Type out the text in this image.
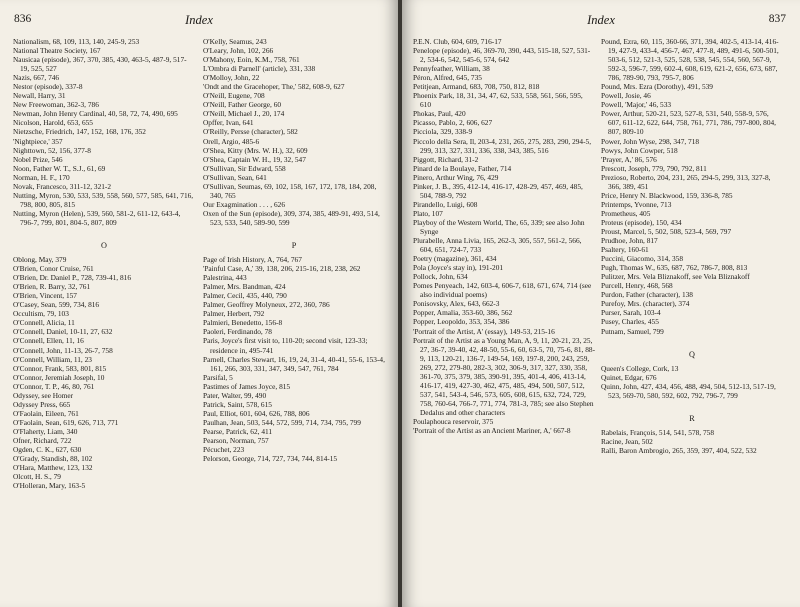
836	Index

Nationalism, 68, 109, 113, 140, 245-9, 253

National Theatre Society, 167

Nausicaa (episode), 367, 370, 385, 430, 463-5, 487-9, 517-19, 525, 527

Nazis, 667, 746

Nestor (episode), 337-8

Newall, Harry, 31

New Freewoman, 362-3, 786

Newman, John Henry Cardinal, 40, 58, 72, 74, 490, 695

Nicolson, Harold, 653, 655

Nietzsche, Friedrich, 147, 152, 168, 176, 352

'Nightpiece,' 357

Nighttown, 52, 156, 377-8

Nobel Prize, 546

Noon, Father W. T., S.J., 61, 69

Norman, H. F., 170

Novak, Francesco, 311-12, 321-2

Nutting, Myron, 530, 533, 539, 558, 560, 577, 585, 641, 716, 798, 800, 805, 815

Nutting, Myron (Helen), 539, 560, 581-2, 611-12, 643-4, 796-7, 799, 801, 804-5, 807, 809

O

Oblong, May, 379

O'Brien, Conor Cruise, 761

O'Brien, Dr. Daniel P., 728, 739-41, 816

O'Brien, R. Barry, 32, 761

O'Brien, Vincent, 157

O'Casey, Sean, 599, 734, 816

Occultism, 79, 103

O'Connell, Alicia, 11

O'Connell, Daniel, 10-11, 27, 632

O'Connell, Ellen, 11, 16

O'Connell, John, 11-13, 26-7, 758

O'Connell, William, 11, 23

O'Connor, Frank, 583, 801, 815

O'Connor, Jeremiah Joseph, 10

O'Connor, T. P., 46, 80, 761

Odyssey, see Homer

Odyssey Press, 665

O'Faolain, Eileen, 761

O'Faolain, Sean, 619, 626, 713, 771

O'Flaherty, Liam, 340

Ofner, Richard, 722

Ogden, C. K., 627, 630

O'Grady, Standish, 88, 102

O'Hara, Matthew, 123, 132

Olcott, H. S., 79

O'Holleran, Mary, 163-5

O'Kelly, Seamus, 243

O'Leary, John, 102, 266

O'Mahony, Eoin, K.M., 758, 761

L'Ombra di Parnell' (article), 331, 338

O'Molloy, John, 22

'Ondt and the Gracehoper, The,' 582, 608-9, 627

O'Neill, Eugene, 708

O'Neill, Father George, 60

O'Neill, Michael J., 20, 174

Opffer, Ivan, 641

O'Reilly, Persse (character), 582

Orell, Argio, 485-6

O'Shea, Kitty (Mrs. W. H.), 32, 609

O'Shea, Captain W. H., 19, 32, 547

O'Sullivan, Sir Edward, 558

O'Sullivan, Sean, 641

O'Sullivan, Seumas, 69, 102, 158, 167, 172, 178, 184, 208, 340, 765

Our Exagmination . . . , 626

Oxen of the Sun (episode), 309, 374, 385, 489-91, 493, 514, 523, 533, 540, 589-90, 599

P

Page of Irish History, A, 764, 767

'Painful Case, A,' 39, 138, 206, 215-16, 218, 238, 262

Palestrina, 443

Palmer, Mrs. Bandman, 424

Palmer, Cecil, 435, 440, 790

Palmer, Geoffrey Molyneux, 272, 360, 786

Palmer, Herbert, 792

Palmieri, Benedetto, 156-8

Paoleri, Ferdinando, 78

Paris, Joyce's first visit to, 110-20; second visit, 123-33; residence in, 495-741

Parnell, Charles Stewart, 16, 19, 24, 31-4, 40-41, 55-6, 153-4, 161, 266, 303, 331, 347, 349, 547, 761, 784

Parsifal, 5

Pastimes of James Joyce, 815

Pater, Walter, 99, 490

Patrick, Saint, 578, 615

Paul, Elliot, 601, 604, 626, 788, 806

Paulhan, Jean, 503, 544, 572, 599, 714, 734, 795, 799

Pearse, Patrick, 62, 411

Pearson, Norman, 757

Pécuchet, 223

Pelorson, George, 714, 727, 734, 744, 814-15

Index	837

P.E.N. Club, 604, 609, 716-17

Penelope (episode), 46, 369-70, 390, 443, 515-18, 527, 531-2, 534-6, 542, 545-6, 574, 642

Pennyfeather, William, 38

Péron, Alfred, 645, 735

Petitjean, Armand, 683, 708, 750, 812, 818

Phoenix Park, 18, 31, 34, 47, 62, 533, 558, 561, 566, 595, 610

Phokas, Paul, 420

Picasso, Pablo, 2, 606, 627

Picciola, 329, 338-9

Piccolo della Sera, Il, 203-4, 231, 265, 275, 283, 290, 294-5, 299, 313, 327, 331, 336, 338, 343, 385, 516

Piggott, Richard, 31-2

Pinard de la Boulaye, Father, 714

Pinero, Arthur Wing, 76, 429

Pinker, J. B., 395, 412-14, 416-17, 428-29, 457, 469, 485, 504, 788-9, 792

Pirandello, Luigi, 608

Plato, 107

Playboy of the Western World, The, 65, 339; see also John Synge

Plurabelle, Anna Livia, 165, 262-3, 305, 557, 561-2, 566, 604, 651, 724-7, 733

Poetry (magazine), 361, 434

Pola (Joyce's stay in), 191-201

Pollock, John, 634

Pomes Penyeach, 142, 603-4, 606-7, 618, 671, 674, 714 (see also individual poems)

Ponisovsky, Alex, 643, 662-3

Popper, Amalia, 353-60, 386, 562

Popper, Leopoldo, 353, 354, 386

'Portrait of the Artist, A' (essay), 149-53, 215-16

Portrait of the Artist as a Young Man, A, 9, 11, 20-21, 23, 25, 27, 36-7, 39-40, 42, 48-50, 55-6, 60, 63-5, 70, 75-6, 81, 88-9, 113, 120-21, 136-7, 149-54, 169, 197-8, 200, 243, 259, 269, 272, 279-80, 282-3, 302, 306-9, 317, 327, 330, 358, 361-70, 375, 379, 385, 390-91, 395, 401-4, 406, 413-14, 416-17, 419, 427-30, 462, 475, 485, 494, 500, 507, 512, 537, 541, 543-4, 546, 573, 605, 608, 615, 632, 724, 729, 758, 760-64, 766-7, 771, 774, 781-3, 785; see also Stephen Dedalus and other characters

Poulaphouca reservoir, 375

'Portrait of the Artist as an Ancient Mariner, A,' 667-8

Pound, Ezra, 60, 115, 360-66, 371, 394, 402-5, 413-14, 416-19, 427-9, 433-4, 456-7, 467, 477-8, 489, 491-6, 500-501, 503-6, 512, 521-3, 525, 528, 538, 545, 554, 560, 567-9, 592-3, 596-7, 599, 602-4, 608, 619, 621-2, 656, 673, 687, 786, 789-90, 793, 795-7, 806

Pound, Mrs. Ezra (Dorothy), 491, 539

Powell, Josie, 46

Powell, 'Major,' 46, 533

Power, Arthur, 520-21, 523, 527-8, 531, 540, 558-9, 576, 607, 611-12, 622, 644, 758, 761, 771, 786, 797-800, 804, 807, 809-10

Power, John Wyse, 298, 347, 718

Powys, John Cowper, 518

'Prayer, A,' 86, 576

Prescott, Joseph, 779, 790, 792, 811

Prezioso, Roberto, 204, 231, 265, 294-5, 299, 313, 327-8, 366, 389, 451

Price, Henry N. Blackwood, 159, 336-8, 785

Printemps, Yvonne, 713

Prometheus, 405

Proteus (episode), 150, 434

Proust, Marcel, 5, 502, 508, 523-4, 569, 797

Prudhoe, John, 817

Psaltery, 160-61

Puccini, Giacomo, 314, 358

Pugh, Thomas W., 635, 687, 762, 786-7, 808, 813

Pulitzer, Mrs. Vela Bliznakoff, see Vela Bliznakoff

Purcell, Henry, 468, 568

Purdon, Father (character), 138

Purefoy, Mrs. (character), 374

Purser, Sarah, 103-4

Pusey, Charles, 455

Putnam, Samuel, 799

Q

Queen's College, Cork, 13

Quinet, Edgar, 676

Quinn, John, 427, 434, 456, 488, 494, 504, 512-13, 517-19, 523, 569-70, 580, 592, 602, 792, 796-7, 799

R

Rabelais, François, 514, 541, 578, 758

Racine, Jean, 502

Ralli, Baron Ambrogio, 265, 359, 397, 404, 522, 532
